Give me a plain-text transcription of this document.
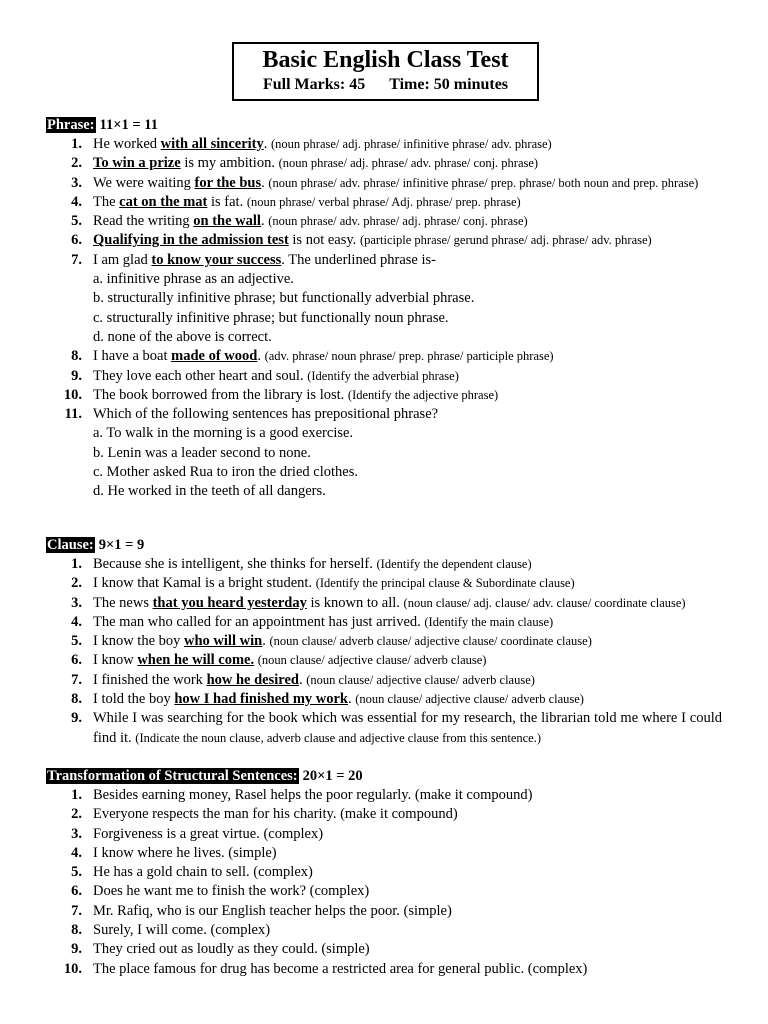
Basic English Class Test
Full Marks: 45 Time: 50 minutes
Phrase: 11×1 = 11
1. He worked with all sincerity. (noun phrase/ adj. phrase/ infinitive phrase/ adv. phrase)
2. To win a prize is my ambition. (noun phrase/ adj. phrase/ adv. phrase/ conj. phrase)
3. We were waiting for the bus. (noun phrase/ adv. phrase/ infinitive phrase/ prep. phrase/ both noun and prep. phrase)
4. The cat on the mat is fat. (noun phrase/ verbal phrase/ Adj. phrase/ prep. phrase)
5. Read the writing on the wall. (noun phrase/ adv. phrase/ adj. phrase/ conj. phrase)
6. Qualifying in the admission test is not easy. (participle phrase/ gerund phrase/ adj. phrase/ adv. phrase)
7. I am glad to know your success. The underlined phrase is-
a. infinitive phrase as an adjective.
b. structurally infinitive phrase; but functionally adverbial phrase.
c. structurally infinitive phrase; but functionally noun phrase.
d. none of the above is correct.
8. I have a boat made of wood. (adv. phrase/ noun phrase/ prep. phrase/ participle phrase)
9. They love each other heart and soul. (Identify the adverbial phrase)
10. The book borrowed from the library is lost. (Identify the adjective phrase)
11. Which of the following sentences has prepositional phrase?
a. To walk in the morning is a good exercise.
b. Lenin was a leader second to none.
c. Mother asked Rua to iron the dried clothes.
d. He worked in the teeth of all dangers.
Clause: 9×1 = 9
1. Because she is intelligent, she thinks for herself. (Identify the dependent clause)
2. I know that Kamal is a bright student. (Identify the principal clause & Subordinate clause)
3. The news that you heard yesterday is known to all. (noun clause/ adj. clause/ adv. clause/ coordinate clause)
4. The man who called for an appointment has just arrived. (Identify the main clause)
5. I know the boy who will win. (noun clause/ adverb clause/ adjective clause/ coordinate clause)
6. I know when he will come. (noun clause/ adjective clause/ adverb clause)
7. I finished the work how he desired. (noun clause/ adjective clause/ adverb clause)
8. I told the boy how I had finished my work. (noun clause/ adjective clause/ adverb clause)
9. While I was searching for the book which was essential for my research, the librarian told me where I could find it. (Indicate the noun clause, adverb clause and adjective clause from this sentence.)
Transformation of Structural Sentences: 20×1 = 20
1. Besides earning money, Rasel helps the poor regularly. (make it compound)
2. Everyone respects the man for his charity. (make it compound)
3. Forgiveness is a great virtue. (complex)
4. I know where he lives. (simple)
5. He has a gold chain to sell. (complex)
6. Does he want me to finish the work? (complex)
7. Mr. Rafiq, who is our English teacher helps the poor. (simple)
8. Surely, I will come. (complex)
9. They cried out as loudly as they could. (simple)
10. The place famous for drug has become a restricted area for general public. (complex)
